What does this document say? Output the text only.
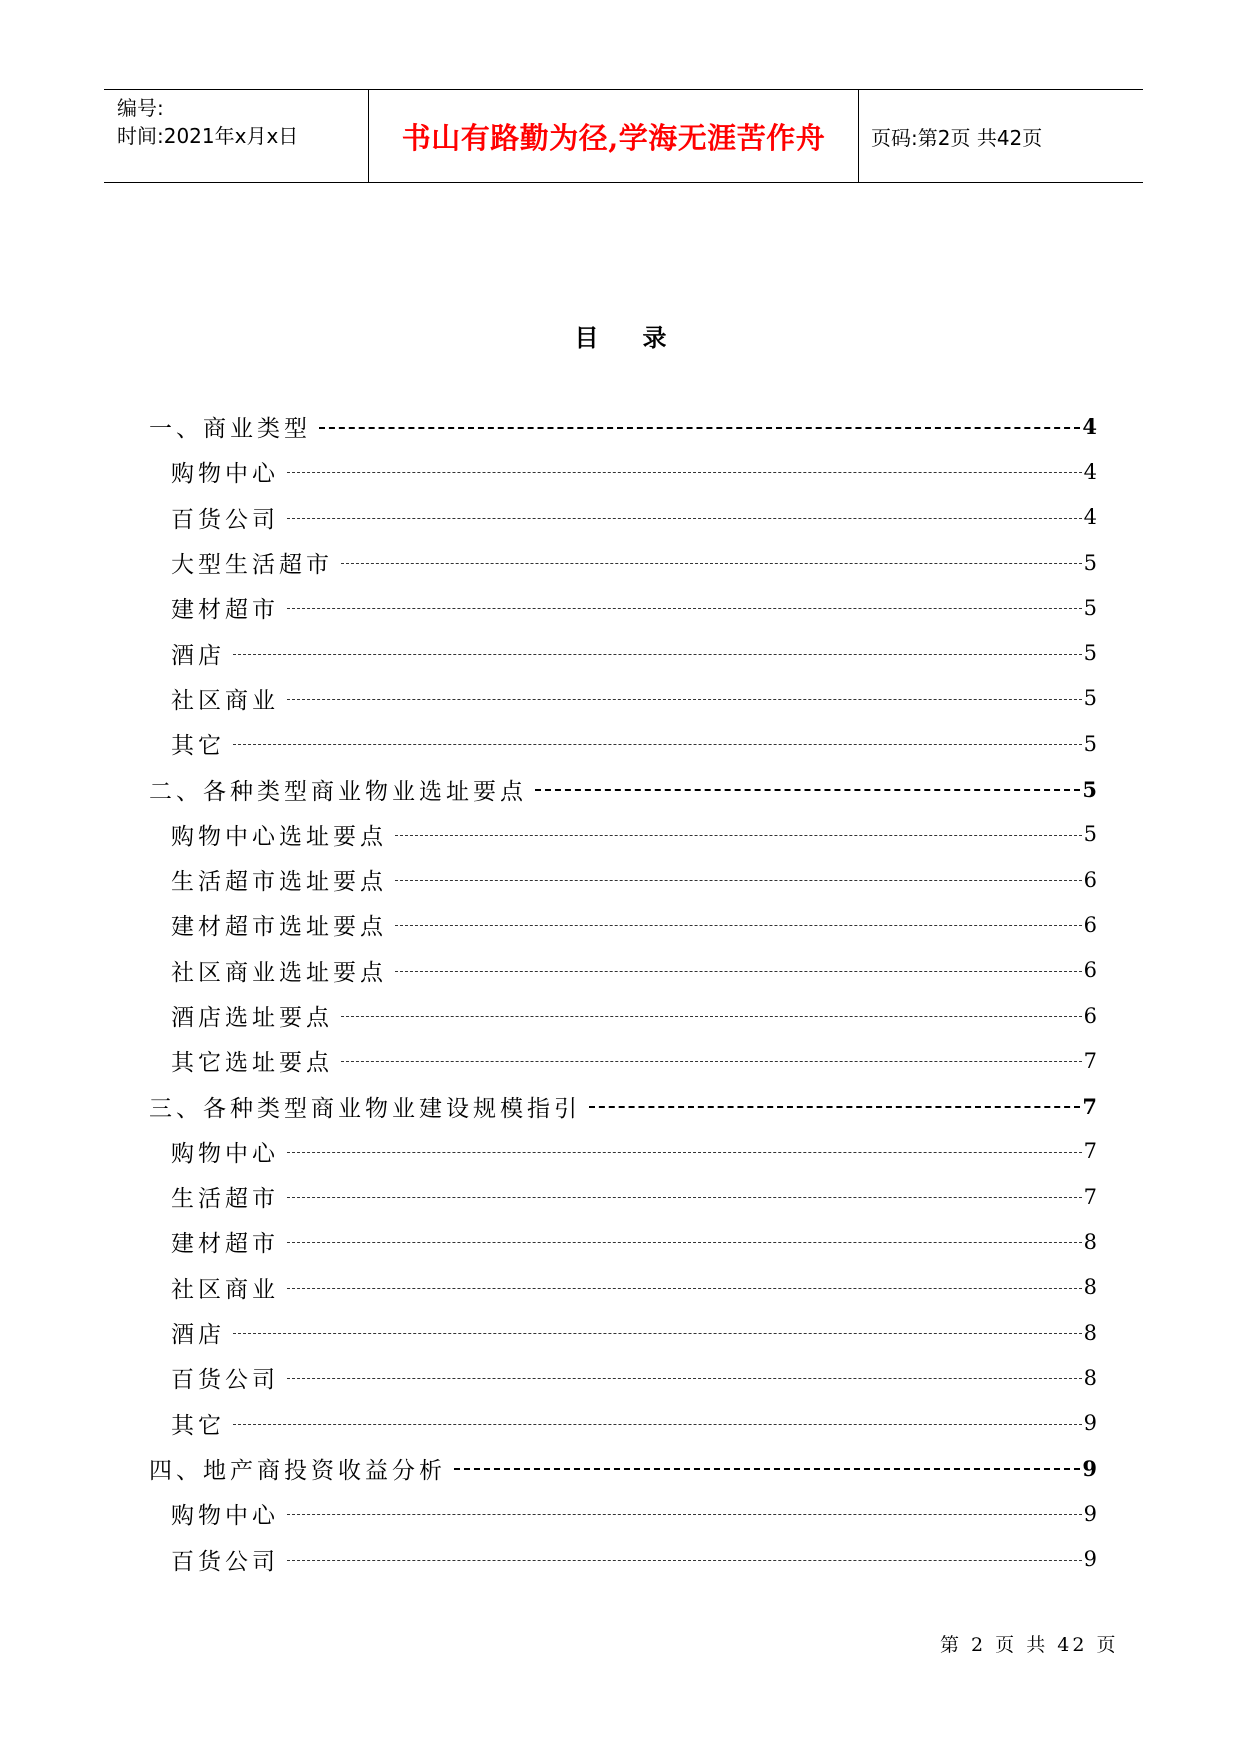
编号:
时间:2021年x月x日	书山有路勤为径,学海无涯苦作舟 页码:第2页 共42页
目录
一、商业类型	4
购物中心	4
百货公司	4
大型生活超市	5
建材超市	5
酒店	5
社区商业	5
其它	5
二、各种类型商业物业选址要点	5
购物中心选址要点	5
生活超市选址要点	6
建材超市选址要点	6
社区商业选址要点	6
酒店选址要点	6
其它选址要点	7
三、各种类型商业物业建设规模指引	7
购物中心	7
生活超市	7
建材超市	8
社区商业	8
酒店	8
百货公司	8
其它	9
四、地产商投资收益分析	9
购物中心	9
百货公司	9
第 2 页 共 42 页
